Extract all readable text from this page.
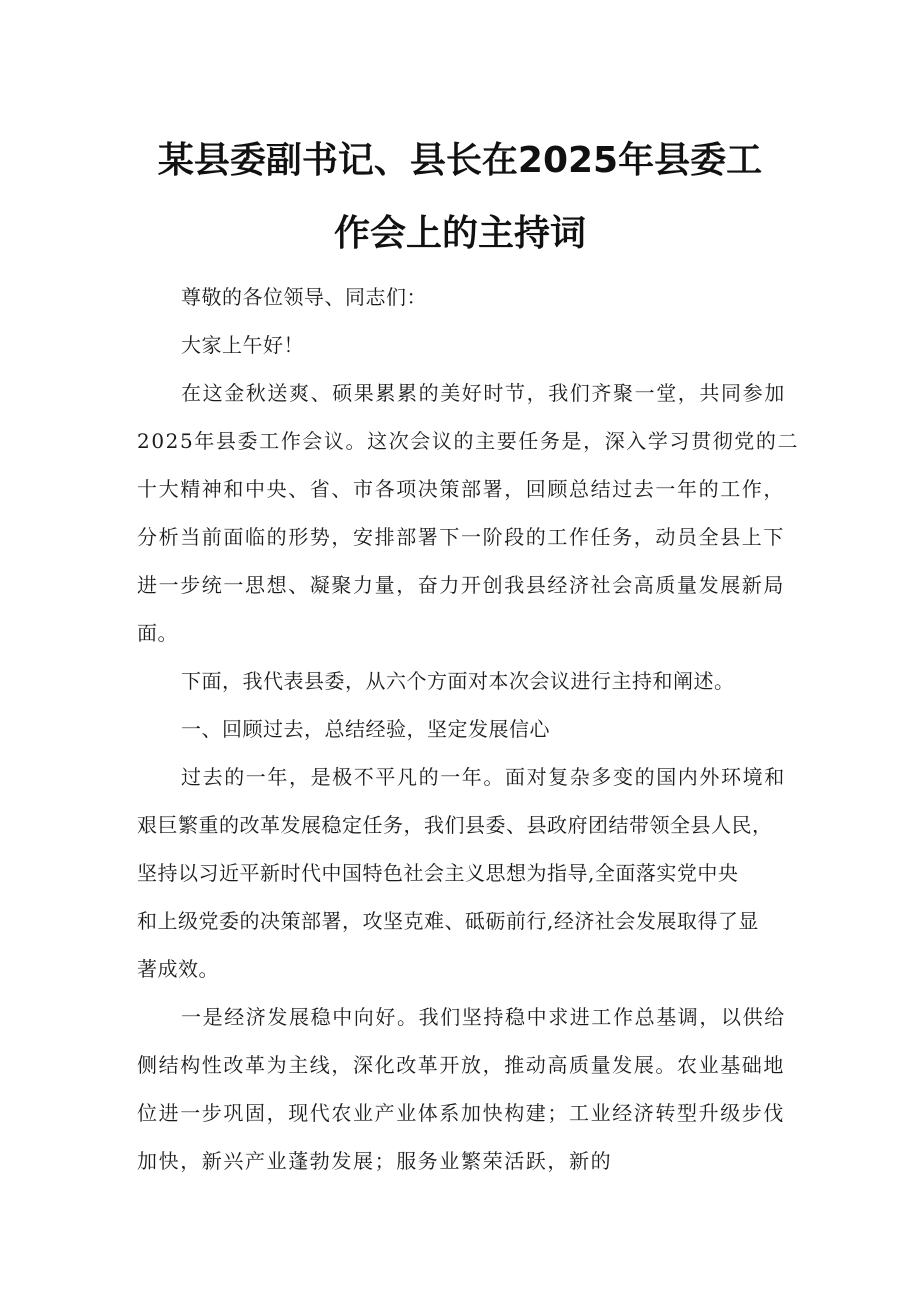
某县委副书记、县长在2025年县委工
作会上的主持词
尊敬的各位领导、同志们：
大家上午好！
在这金秋送爽、硕果累累的美好时节，我们齐聚一堂，共同参加
2025年县委工作会议。这次会议的主要任务是，深入学习贯彻党的二
十大精神和中央、省、市各项决策部署，回顾总结过去一年的工作，
分析当前面临的形势，安排部署下一阶段的工作任务，动员全县上下
进一步统一思想、凝聚力量，奋力开创我县经济社会高质量发展新局
面。
下面，我代表县委，从六个方面对本次会议进行主持和阐述。
一、回顾过去，总结经验，坚定发展信心
过去的一年，是极不平凡的一年。面对复杂多变的国内外环境和
艰巨繁重的改革发展稳定任务，我们县委、县政府团结带领全县人民，
坚持以习近平新时代中国特色社会主义思想为指导,全面落实党中央
和上级党委的决策部署，攻坚克难、砥砺前行,经济社会发展取得了显
著成效。
一是经济发展稳中向好。我们坚持稳中求进工作总基调，以供给
侧结构性改革为主线，深化改革开放，推动高质量发展。农业基础地
位进一步巩固，现代农业产业体系加快构建；工业经济转型升级步伐
加快，新兴产业蓬勃发展；服务业繁荣活跃，新的
